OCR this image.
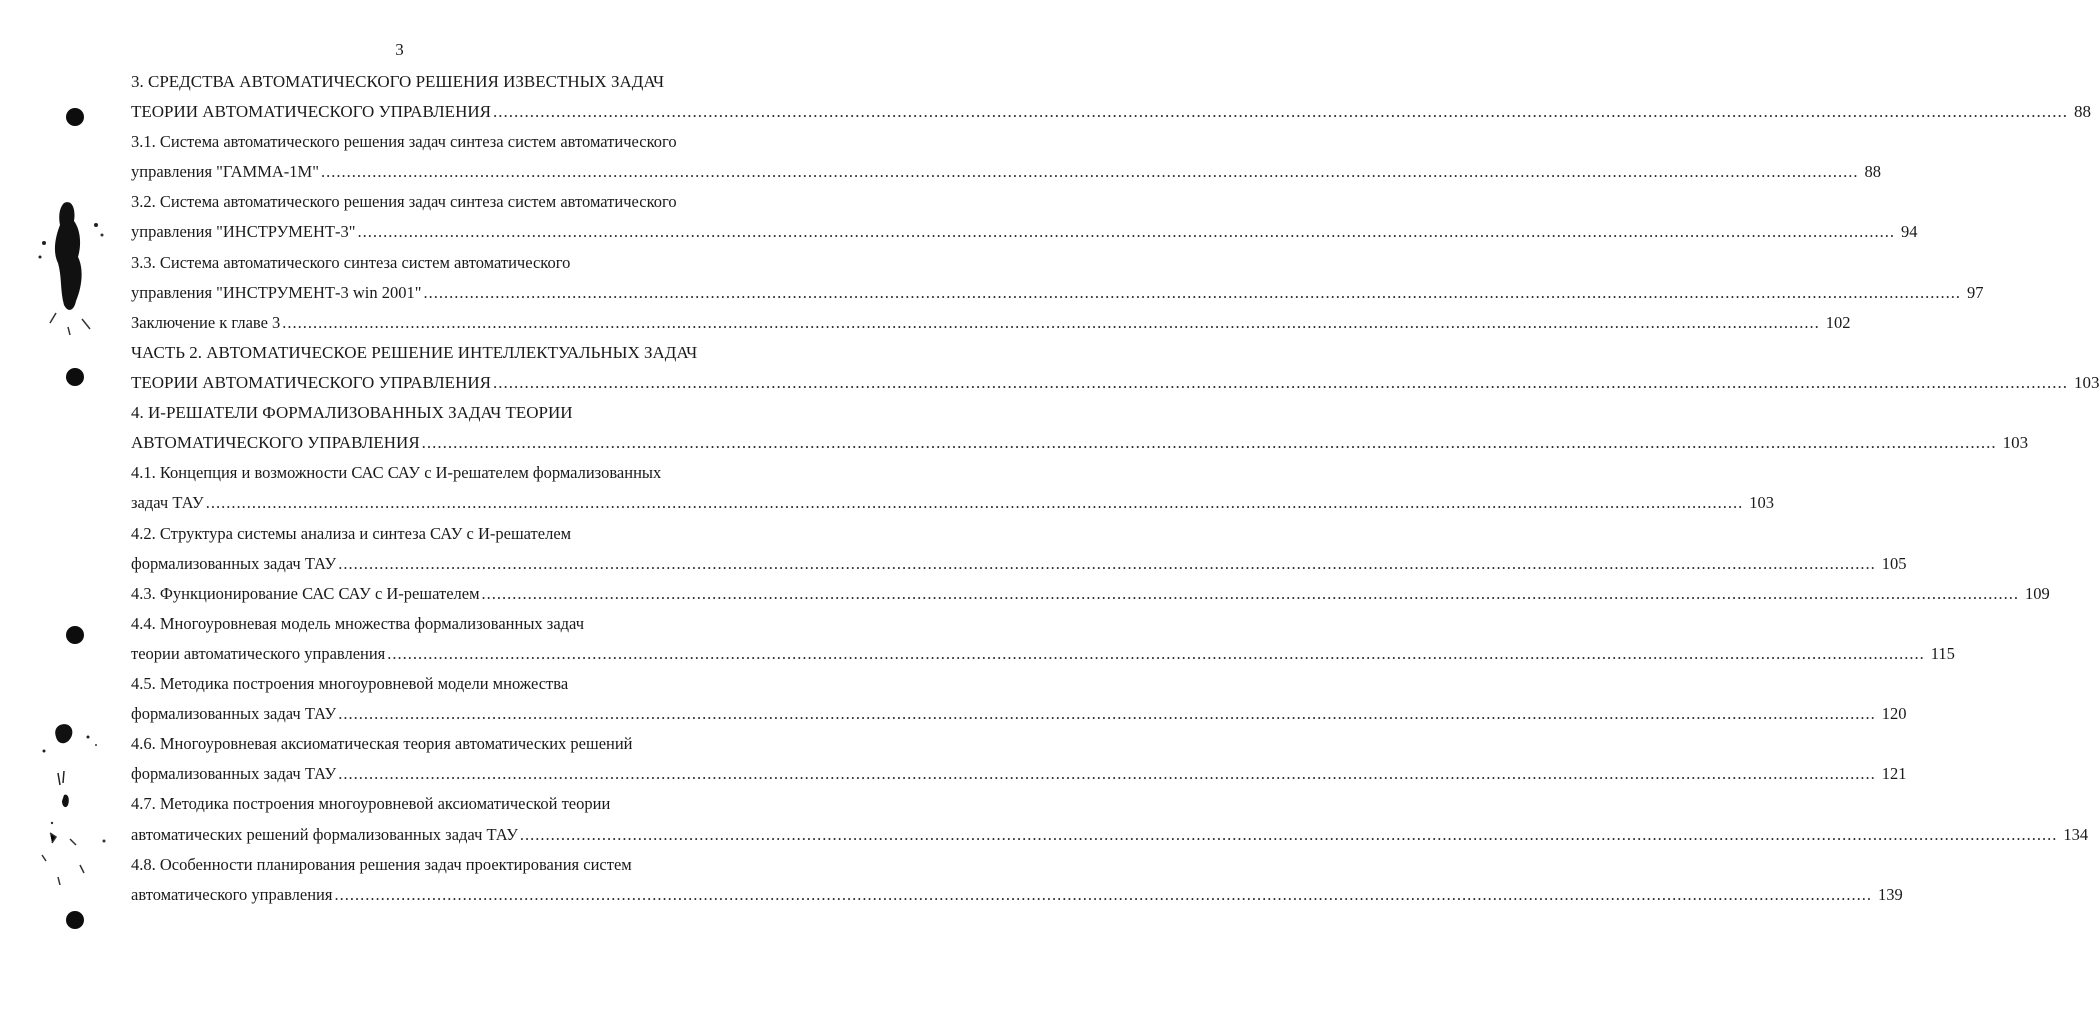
3
3. СРЕДСТВА АВТОМАТИЧЕСКОГО РЕШЕНИЯ ИЗВЕСТНЫХ ЗАДАЧ
ТЕОРИИ АВТОМАТИЧЕСКОГО УПРАВЛЕНИЯ ............................................................................................................................................................................................................................................................................................................ 88
3.1. Система автоматического решения задач синтеза систем автоматического
управления "ГАММА-1М" ............................................................................................................................................................................................................................................................................................................ 88
3.2. Система автоматического решения задач синтеза систем автоматического
управления "ИНСТРУМЕНТ-3" ............................................................................................................................................................................................................................................................................................................ 94
3.3. Система автоматического синтеза систем автоматического
управления "ИНСТРУМЕНТ-3 win 2001" ............................................................................................................................................................................................................................................................................................................ 97
Заключение к главе 3 ............................................................................................................................................................................................................................................................................................................ 102
ЧАСТЬ 2. АВТОМАТИЧЕСКОЕ РЕШЕНИЕ ИНТЕЛЛЕКТУАЛЬНЫХ ЗАДАЧ
ТЕОРИИ АВТОМАТИЧЕСКОГО УПРАВЛЕНИЯ ............................................................................................................................................................................................................................................................................................................ 103
4. И-РЕШАТЕЛИ ФОРМАЛИЗОВАННЫХ ЗАДАЧ ТЕОРИИ
АВТОМАТИЧЕСКОГО УПРАВЛЕНИЯ ............................................................................................................................................................................................................................................................................................................ 103
4.1. Концепция и возможности САС САУ с И-решателем формализованных
задач ТАУ ............................................................................................................................................................................................................................................................................................................ 103
4.2. Структура системы анализа и синтеза САУ с И-решателем
формализованных задач ТАУ ............................................................................................................................................................................................................................................................................................................ 105
4.3. Функционирование САС САУ с И-решателем ............................................................................................................................................................................................................................................................................................................ 109
4.4. Многоуровневая модель множества формализованных задач
теории автоматического управления ............................................................................................................................................................................................................................................................................................................ 115
4.5. Методика построения многоуровневой модели множества
формализованных задач ТАУ ............................................................................................................................................................................................................................................................................................................ 120
4.6. Многоуровневая аксиоматическая теория автоматических решений
формализованных задач ТАУ ............................................................................................................................................................................................................................................................................................................ 121
4.7. Методика построения многоуровневой аксиоматической теории
автоматических решений формализованных задач ТАУ ............................................................................................................................................................................................................................................................................................................ 134
4.8. Особенности планирования решения задач проектирования систем
автоматического управления ............................................................................................................................................................................................................................................................................................................ 139
